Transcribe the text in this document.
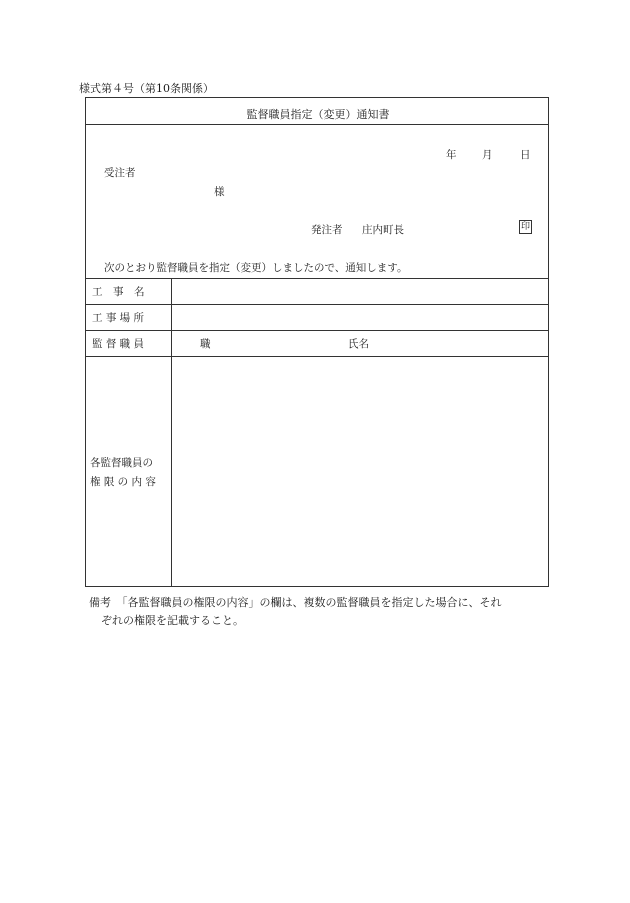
様式第４号（第10条関係）
監督職員指定（変更）通知書
年 月	日
受注者
様
発注者 庄内町長	印
次のとおり監督職員を指定（変更）しましたので、通知します。
工　事　名
工 事 場 所
監 督 職 員	職	氏名
各監督職員の
権 限 の 内 容
備考　「各監督職員の権限の内容」の欄は、複数の監督職員を指定した場合に、それ
ぞれの権限を記載すること。
